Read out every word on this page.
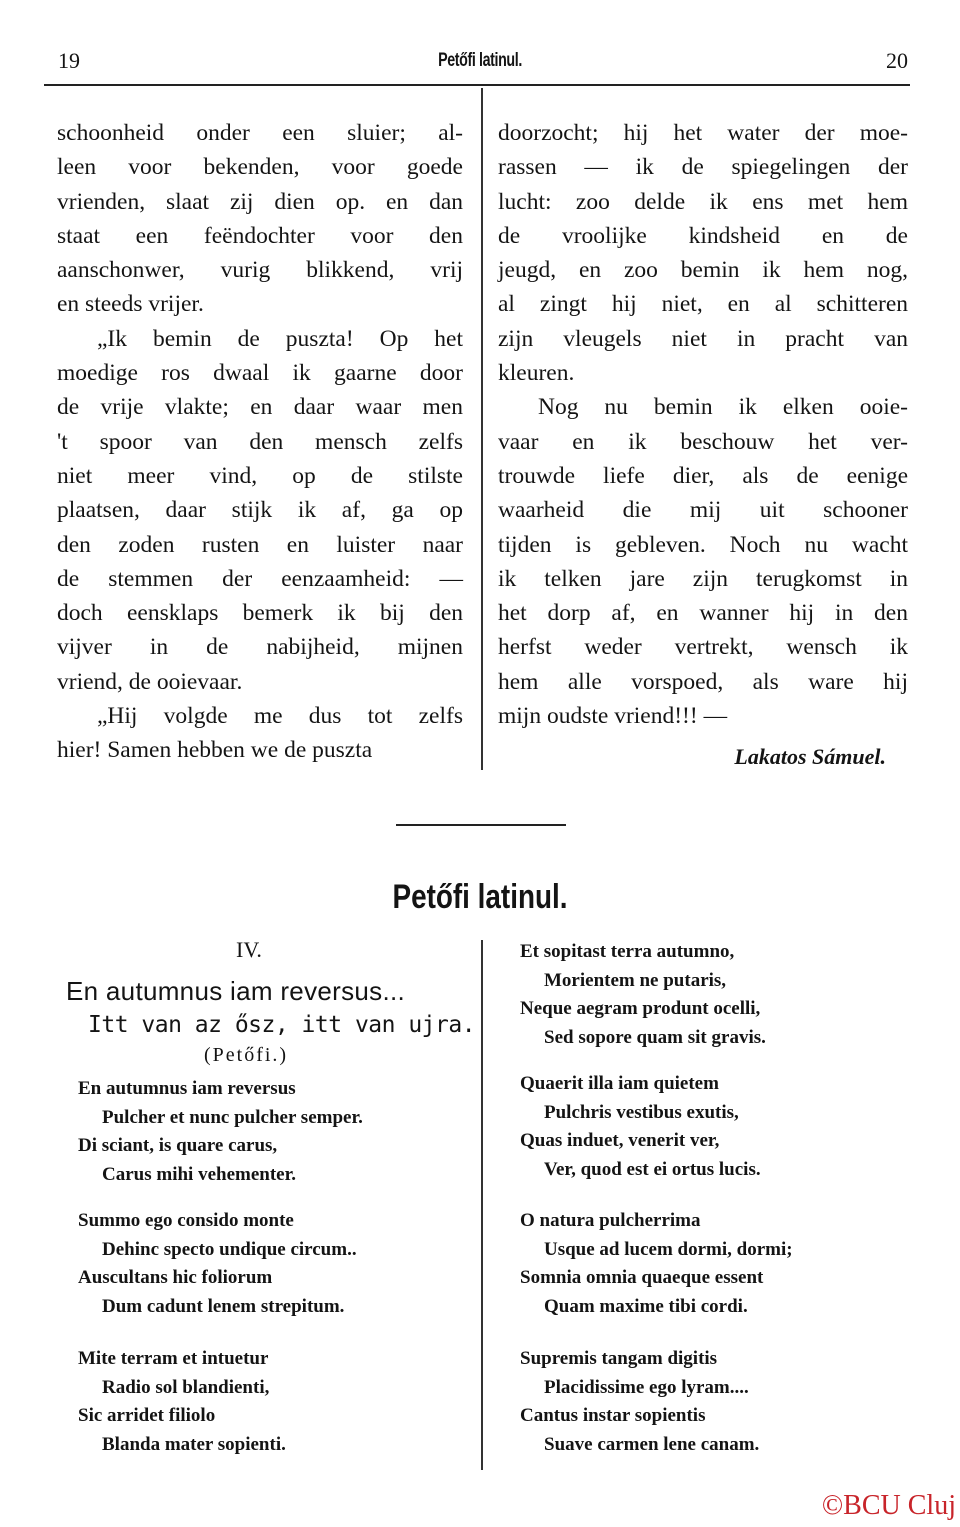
19	Petőfi latinul.	20
schoonheid onder een sluier; al-
leen voor bekenden, voor goede
vrienden, slaat zij dien op. en dan
staat een feëndochter voor den
aanschonwer, vurig blikkend, vrij
en steeds vrijer.
„Ik bemin de puszta! Op het
moedige ros dwaal ik gaarne door
de vrije vlakte; en daar waar men
't spoor van den mensch zelfs
niet meer vind, op de stilste
plaatsen, daar stijk ik af, ga op
den zoden rusten en luister naar
de stemmen der eenzaamheid: —
doch eensklaps bemerk ik bij den
vijver in de nabijheid, mijnen
vriend, de ooievaar.
„Hij volgde me dus tot zelfs
hier! Samen hebben we de puszta
doorzocht; hij het water der moe-
rassen — ik de spiegelingen der
lucht: zoo delde ik ens met hem
de vroolijke kindsheid en de
jeugd, en zoo bemin ik hem nog,
al zingt hij niet, en al schitteren
zijn vleugels niet in pracht van
kleuren.
Nog nu bemin ik elken ooie-
vaar en ik beschouw het ver-
trouwde liefe dier, als de eenige
waarheid die mij uit schooner
tijden is gebleven. Noch nu wacht
ik telken jare zijn terugkomst in
het dorp af, en wanner hij in den
herfst weder vertrekt, wensch ik
hem alle vorspoed, als ware hij
mijn oudste vriend!!! —
Lakatos Sámuel.
Petőfi latinul.
IV.
En autumnus iam reversus...
Itt van az ősz, itt van ujra.
(Petőfi.)
En autumnus iam reversus
Pulcher et nunc pulcher semper.
Di sciant, is quare carus,
Carus mihi vehementer.
Summo ego consido monte
Dehinc specto undique circum..
Auscultans hic foliorum
Dum cadunt lenem strepitum.
Mite terram et intuetur
Radio sol blandienti,
Sic arridet filiolo
Blanda mater sopienti.
Et sopitast terra autumno,
Morientem ne putaris,
Neque aegram produnt ocelli,
Sed sopore quam sit gravis.
Quaerit illa iam quietem
Pulchris vestibus exutis,
Quas induet, venerit ver,
Ver, quod est ei ortus lucis.
O natura pulcherrima
Usque ad lucem dormi, dormi;
Somnia omnia quaeque essent
Quam maxime tibi cordi.
Supremis tangam digitis
Placidissime ego lyram....
Cantus instar sopientis
Suave carmen lene canam.
©BCU Cluj
